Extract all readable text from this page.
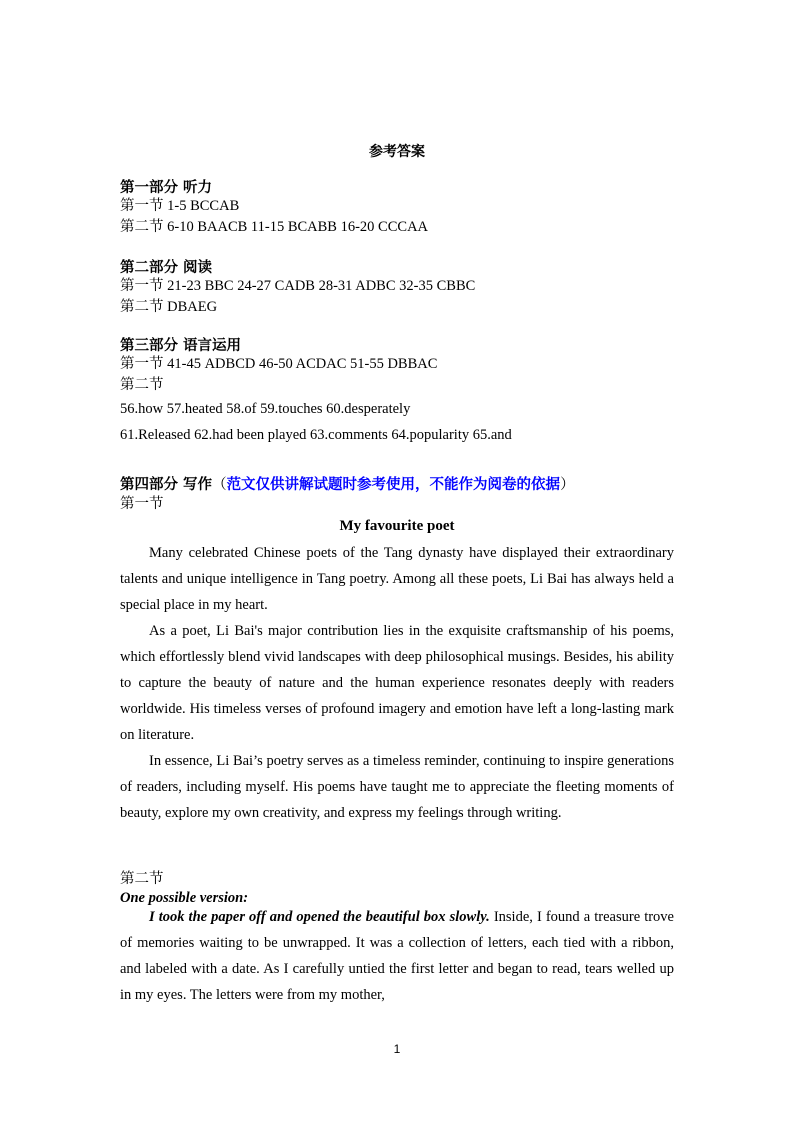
参考答案
第一部分 听力
第一节 1-5 BCCAB
第二节 6-10 BAACB 11-15 BCABB 16-20 CCCAA
第二部分 阅读
第一节 21-23 BBC 24-27 CADB 28-31 ADBC 32-35 CBBC
第二节 DBAEG
第三部分 语言运用
第一节 41-45 ADBCD 46-50 ACDAC 51-55 DBBAC
第二节
56.how 57.heated 58.of 59.touches 60.desperately
61.Released 62.had been played 63.comments 64.popularity 65.and
第四部分 写作（范文仅供讲解试题时参考使用，不能作为阅卷的依据）
第一节
My favourite poet
Many celebrated Chinese poets of the Tang dynasty have displayed their extraordinary talents and unique intelligence in Tang poetry. Among all these poets, Li Bai has always held a special place in my heart.
As a poet, Li Bai's major contribution lies in the exquisite craftsmanship of his poems, which effortlessly blend vivid landscapes with deep philosophical musings. Besides, his ability to capture the beauty of nature and the human experience resonates deeply with readers worldwide. His timeless verses of profound imagery and emotion have left a long-lasting mark on literature.
In essence, Li Bai’s poetry serves as a timeless reminder, continuing to inspire generations of readers, including myself. His poems have taught me to appreciate the fleeting moments of beauty, explore my own creativity, and express my feelings through writing.
第二节
One possible version:
I took the paper off and opened the beautiful box slowly. Inside, I found a treasure trove of memories waiting to be unwrapped. It was a collection of letters, each tied with a ribbon, and labeled with a date. As I carefully untied the first letter and began to read, tears welled up in my eyes. The letters were from my mother,
1
